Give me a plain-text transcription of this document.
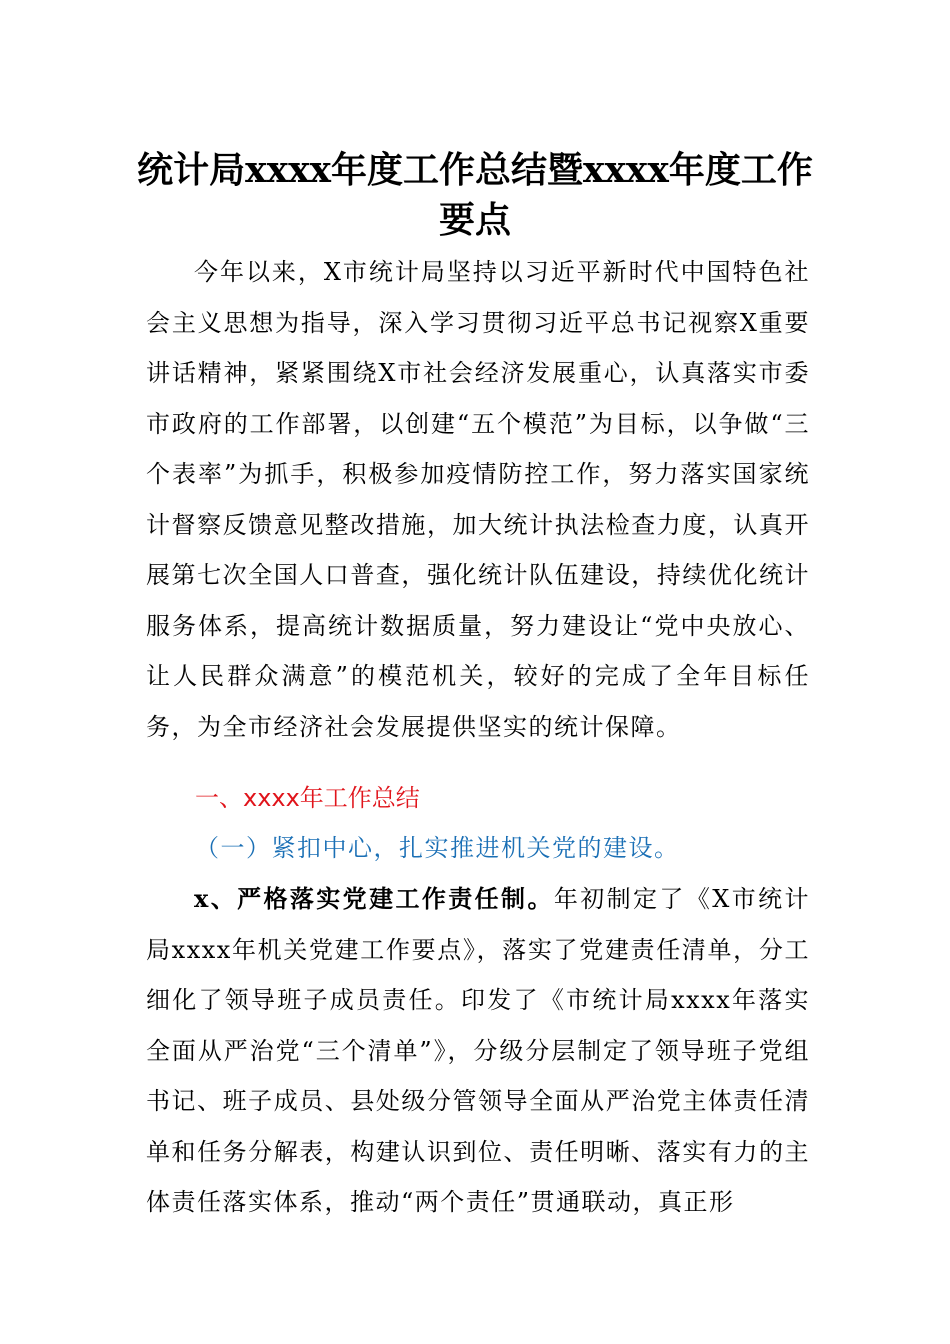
统计局xxxx年度工作总结暨xxxx年度工作要点
今年以来，X市统计局坚持以习近平新时代中国特色社会主义思想为指导，深入学习贯彻习近平总书记视察X重要讲话精神，紧紧围绕X市社会经济发展重心，认真落实市委市政府的工作部署，以创建“五个模范”为目标，以争做“三个表率”为抓手，积极参加疫情防控工作，努力落实国家统计督察反馈意见整改措施，加大统计执法检查力度，认真开展第七次全国人口普查，强化统计队伍建设，持续优化统计服务体系，提高统计数据质量，努力建设让“党中央放心、让人民群众满意”的模范机关，较好的完成了全年目标任务，为全市经济社会发展提供坚实的统计保障。
一、xxxx年工作总结
（一）紧扣中心，扎实推进机关党的建设。
x、严格落实党建工作责任制。年初制定了《X市统计局xxxx年机关党建工作要点》，落实了党建责任清单，分工细化了领导班子成员责任。印发了《市统计局xxxx年落实全面从严治党“三个清单”》，分级分层制定了领导班子党组书记、班子成员、县处级分管领导全面从严治党主体责任清单和任务分解表，构建认识到位、责任明晰、落实有力的主体责任落实体系，推动“两个责任”贯通联动，真正形
